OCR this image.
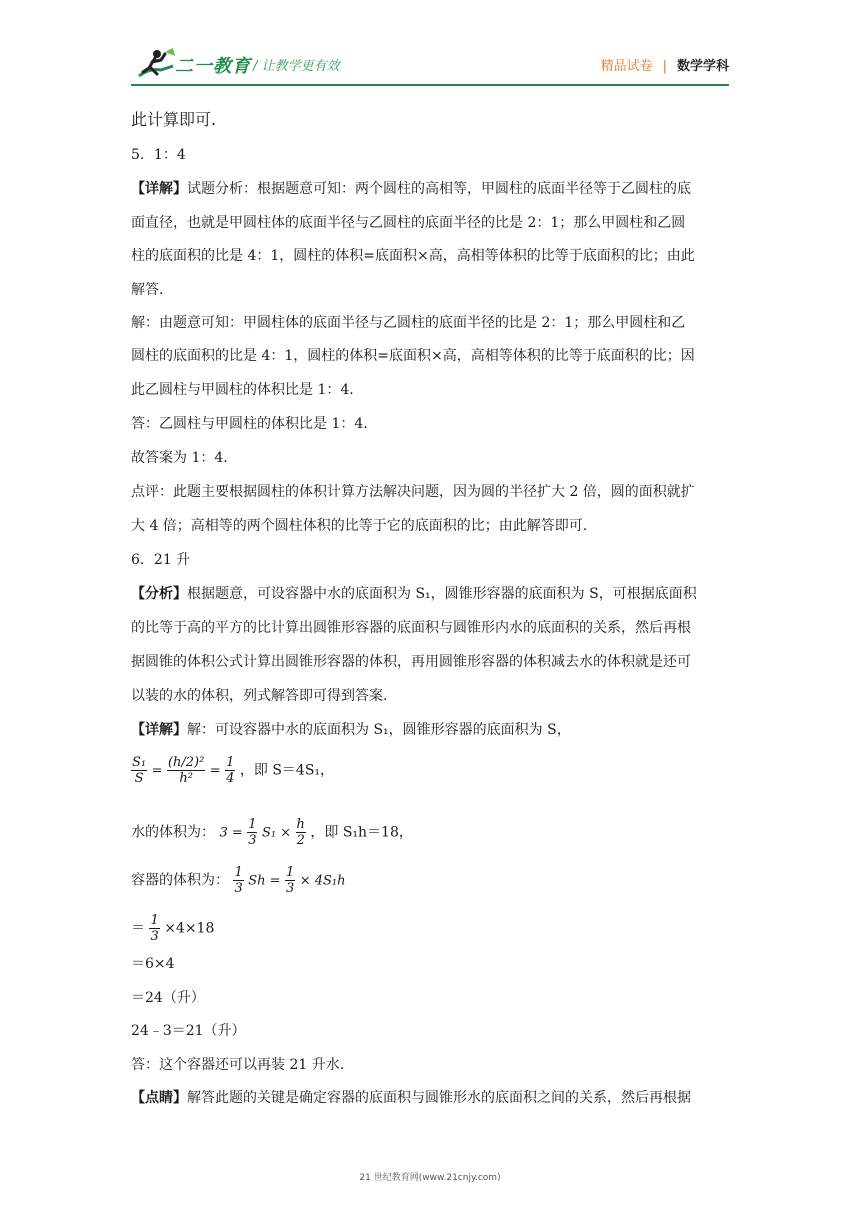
二一教育 / 让教学更有效	精品试卷 | 数学学科
此计算即可.
5．1：4
【详解】试题分析：根据题意可知：两个圆柱的高相等，甲圆柱的底面半径等于乙圆柱的底
面直径，也就是甲圆柱体的底面半径与乙圆柱的底面半径的比是 2：1；那么甲圆柱和乙圆
柱的底面积的比是 4：1，圆柱的体积=底面积×高，高相等体积的比等于底面积的比；由此
解答.
解：由题意可知：甲圆柱体的底面半径与乙圆柱的底面半径的比是 2：1；那么甲圆柱和乙
圆柱的底面积的比是 4：1，圆柱的体积=底面积×高，高相等体积的比等于底面积的比；因
此乙圆柱与甲圆柱的体积比是 1：4.
答：乙圆柱与甲圆柱的体积比是 1：4.
故答案为 1：4.
点评：此题主要根据圆柱的体积计算方法解决问题，因为圆的半径扩大 2 倍，圆的面积就扩
大 4 倍；高相等的两个圆柱体积的比等于它的底面积的比；由此解答即可.
6．21 升
【分析】根据题意，可设容器中水的底面积为 S₁，圆锥形容器的底面积为 S，可根据底面积
的比等于高的平方的比计算出圆锥形容器的底面积与圆锥形内水的底面积的关系，然后再根
据圆锥的体积公式计算出圆锥形容器的体积，再用圆锥形容器的体积减去水的体积就是还可
以装的水的体积，列式解答即可得到答案.
【详解】解：可设容器中水的底面积为 S₁，圆锥形容器的底面积为 S，
$\frac{\text{S₁}}{S} = \frac{\text{(h/2)²}}{\text{h²}} = \frac{1}{4}$ ，即 S＝4S₁，
水的体积为： $3 = \frac{1}{3} S_1 \times \frac{h}{2}$ ，即 S₁h＝18，
容器的体积为： $\frac{1}{3}$ $Sh = \frac{1}{3} \times 4S_1h$
＝ $\frac{1}{3} \times 4\times 18$
＝6×4
＝24（升）
24﹣3＝21（升）
答：这个容器还可以再装 21 升水.
【点睛】解答此题的关键是确定容器的底面积与圆锥形水的底面积之间的关系，然后再根据
21 世纪教育网(www.21cnjy.com)
